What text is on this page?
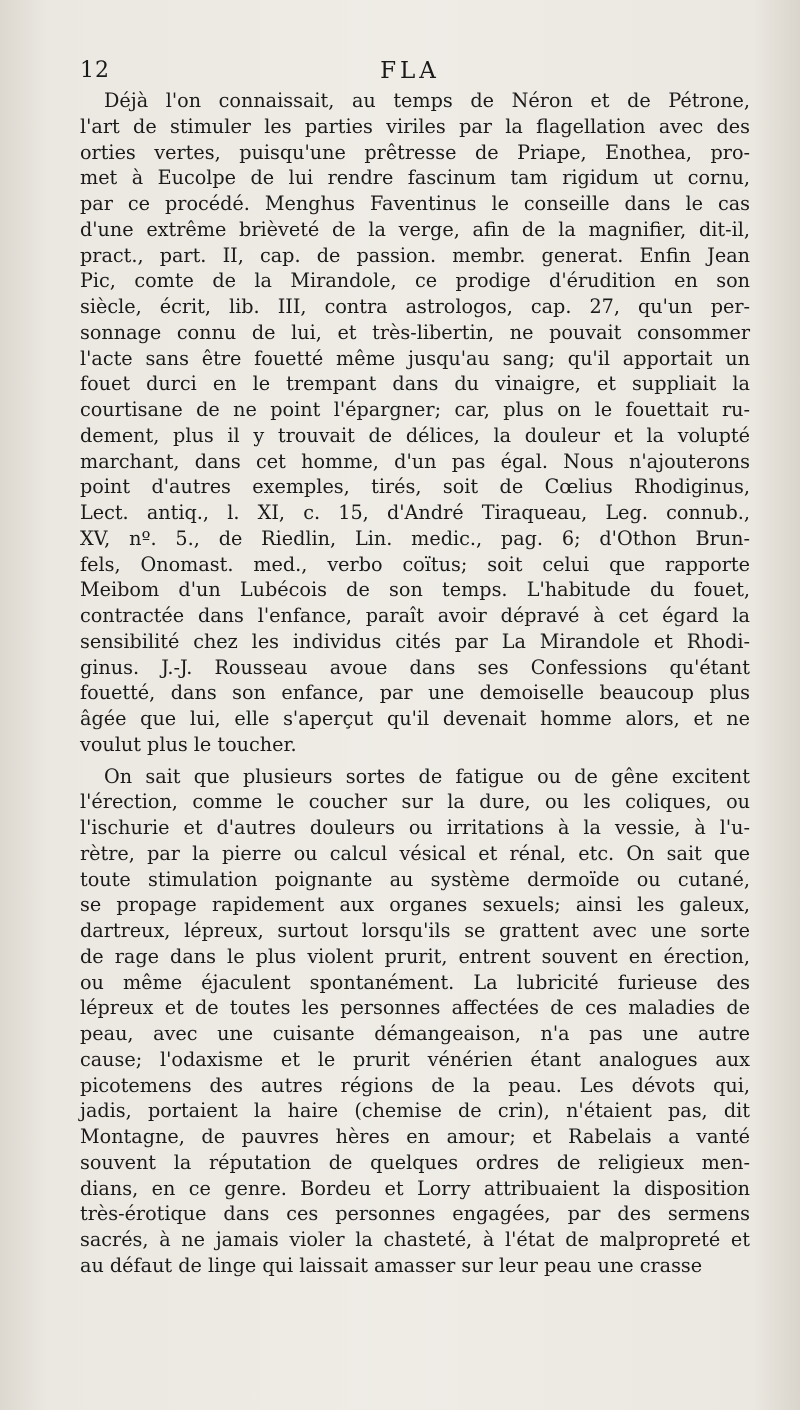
12	FLA
Déjà l'on connaissait, au temps de Néron et de Pétrone,
l'art de stimuler les parties viriles par la flagellation avec des
orties vertes, puisqu'une prêtresse de Priape, Enothea, pro-
met à Eucolpe de lui rendre fascinum tam rigidum ut cornu,
par ce procédé. Menghus Faventinus le conseille dans le cas
d'une extrême brièveté de la verge, afin de la magnifier, dit-il,
pract., part. II, cap. de passion. membr. generat. Enfin Jean
Pic, comte de la Mirandole, ce prodige d'érudition en son
siècle, écrit, lib. III, contra astrologos, cap. 27, qu'un per-
sonnage connu de lui, et très-libertin, ne pouvait consommer
l'acte sans être fouetté même jusqu'au sang; qu'il apportait un
fouet durci en le trempant dans du vinaigre, et suppliait la
courtisane de ne point l'épargner; car, plus on le fouettait ru-
dement, plus il y trouvait de délices, la douleur et la volupté
marchant, dans cet homme, d'un pas égal. Nous n'ajouterons
point d'autres exemples, tirés, soit de Cœlius Rhodiginus,
Lect. antiq., l. XI, c. 15, d'André Tiraqueau, Leg. connub.,
XV, nº. 5., de Riedlin, Lin. medic., pag. 6; d'Othon Brun-
fels, Onomast. med., verbo coïtus; soit celui que rapporte
Meibom d'un Lubécois de son temps. L'habitude du fouet,
contractée dans l'enfance, paraît avoir dépravé à cet égard la
sensibilité chez les individus cités par La Mirandole et Rhodi-
ginus. J.-J. Rousseau avoue dans ses Confessions qu'étant
fouetté, dans son enfance, par une demoiselle beaucoup plus
âgée que lui, elle s'aperçut qu'il devenait homme alors, et ne
voulut plus le toucher.
On sait que plusieurs sortes de fatigue ou de gêne excitent
l'érection, comme le coucher sur la dure, ou les coliques, ou
l'ischurie et d'autres douleurs ou irritations à la vessie, à l'u-
rètre, par la pierre ou calcul vésical et rénal, etc. On sait que
toute stimulation poignante au système dermoïde ou cutané,
se propage rapidement aux organes sexuels; ainsi les galeux,
dartreux, lépreux, surtout lorsqu'ils se grattent avec une sorte
de rage dans le plus violent prurit, entrent souvent en érection,
ou même éjaculent spontanément. La lubricité furieuse des
lépreux et de toutes les personnes affectées de ces maladies de
peau, avec une cuisante démangeaison, n'a pas une autre
cause; l'odaxisme et le prurit vénérien étant analogues aux
picotemens des autres régions de la peau. Les dévots qui,
jadis, portaient la haire (chemise de crin), n'étaient pas, dit
Montagne, de pauvres hères en amour; et Rabelais a vanté
souvent la réputation de quelques ordres de religieux men-
dians, en ce genre. Bordeu et Lorry attribuaient la disposition
très-érotique dans ces personnes engagées, par des sermens
sacrés, à ne jamais violer la chasteté, à l'état de malpropreté et
au défaut de linge qui laissait amasser sur leur peau une crasse
